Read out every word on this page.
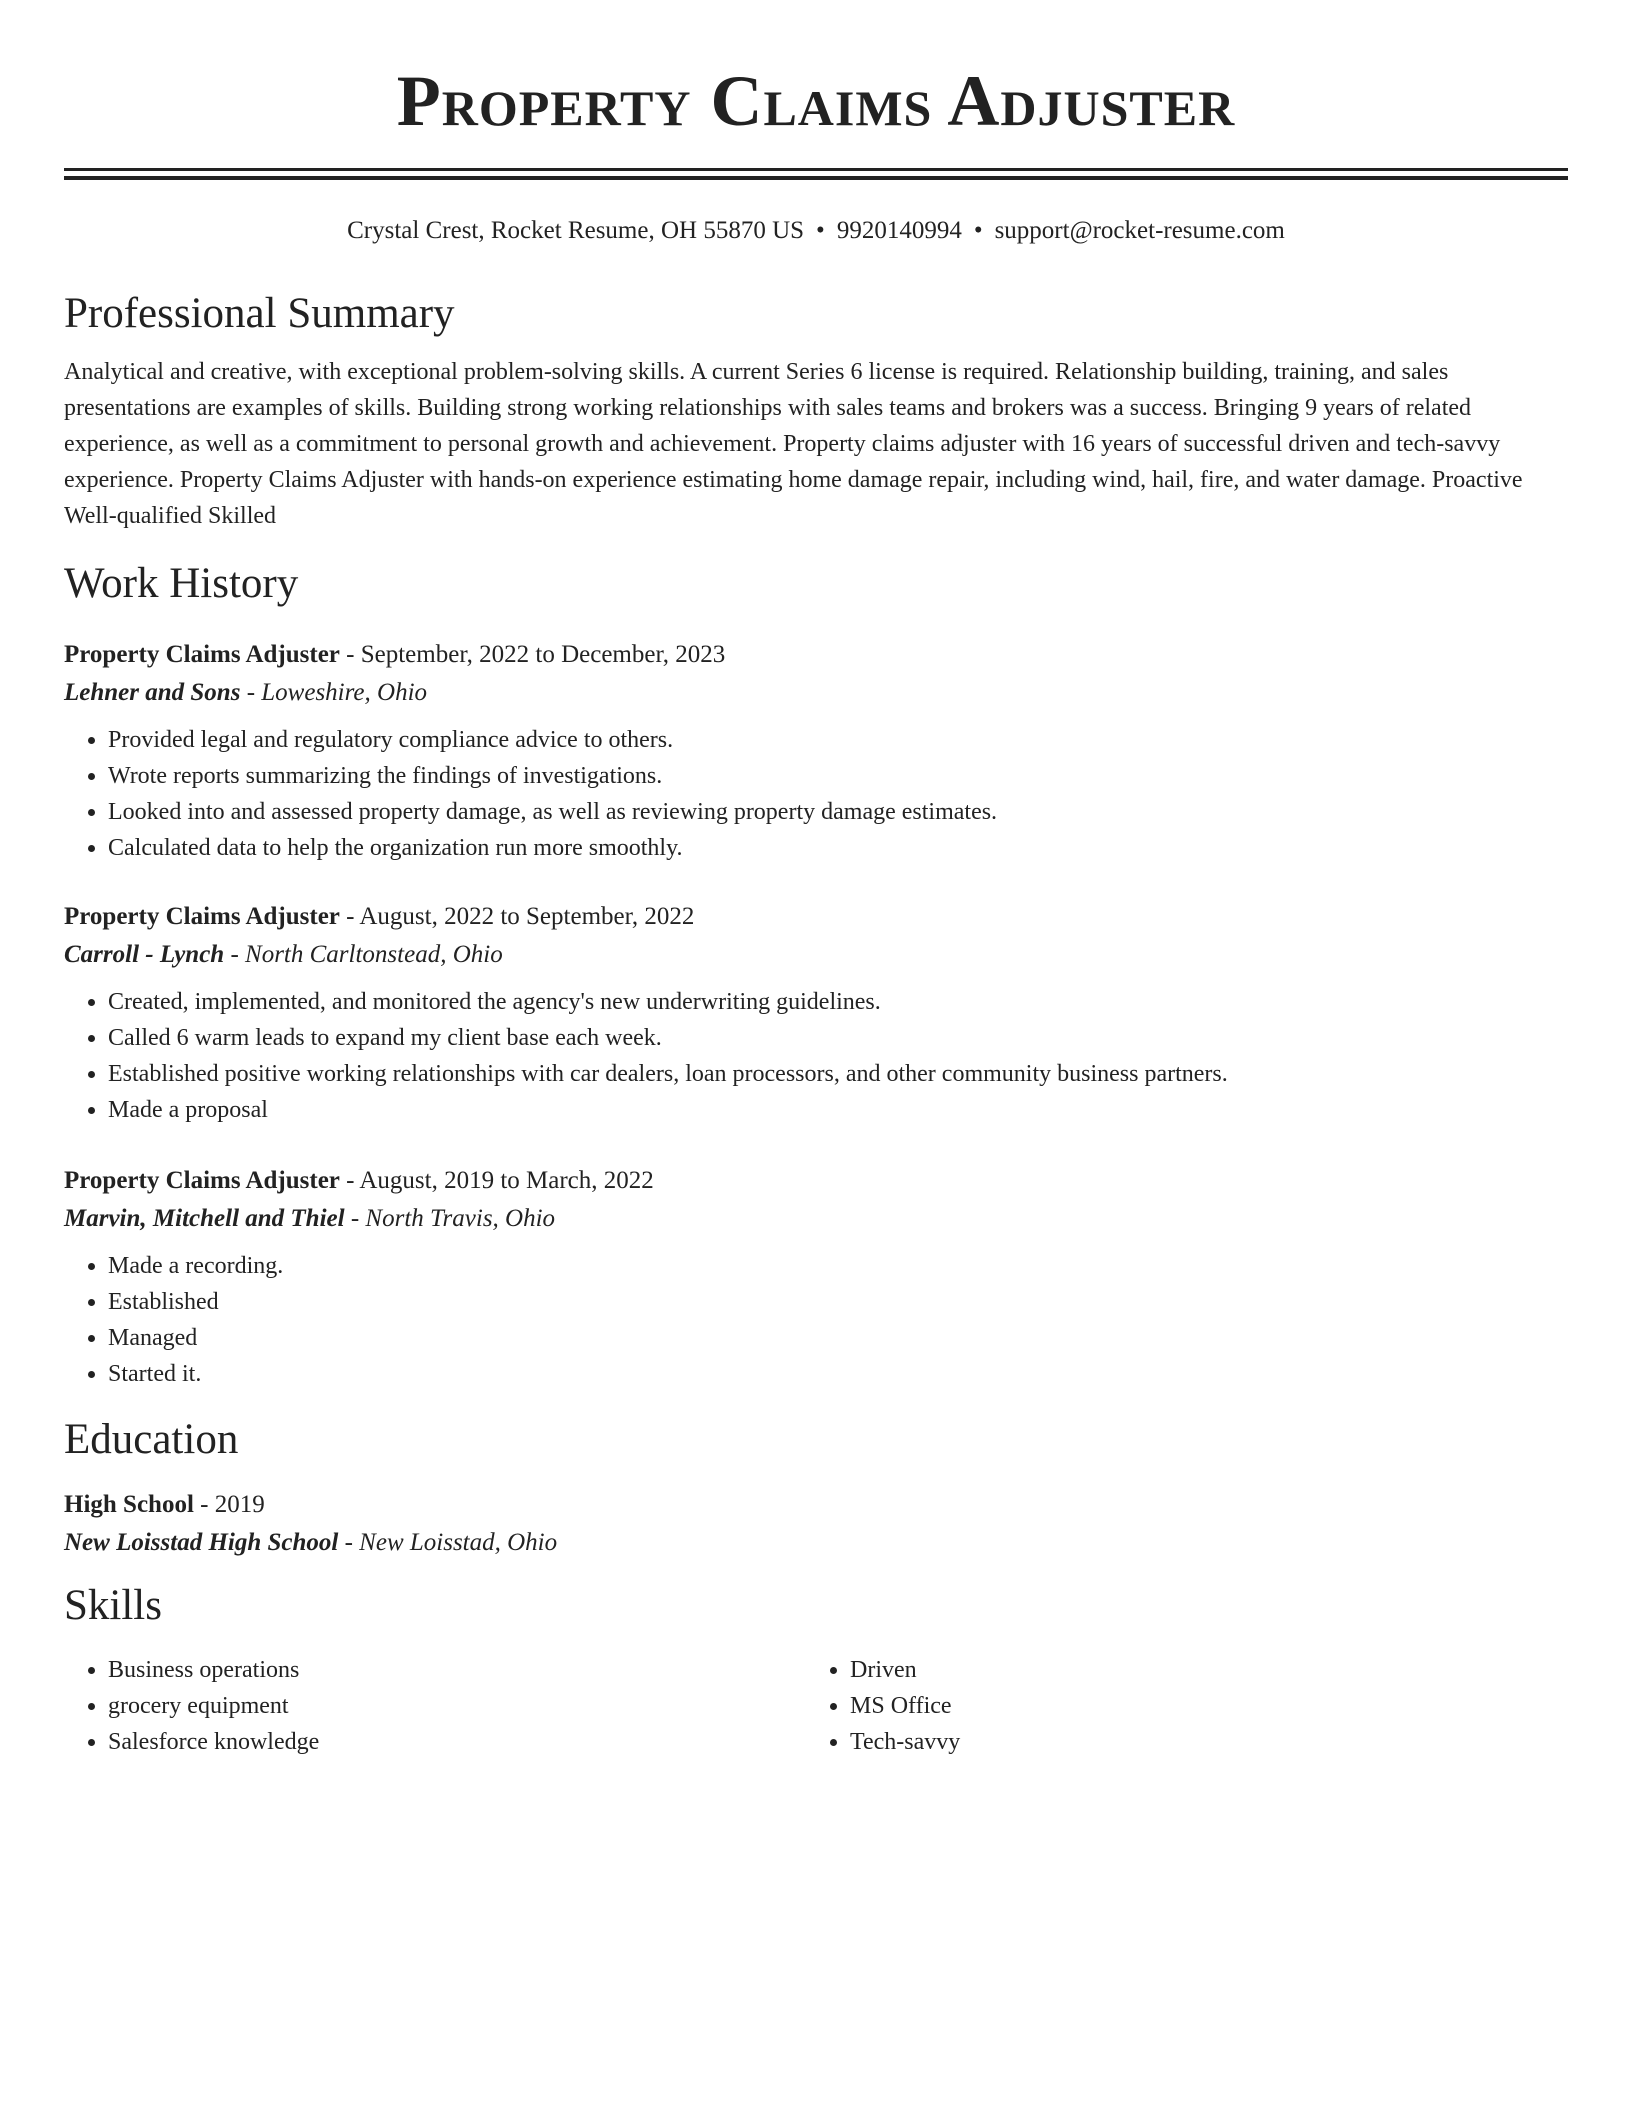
Property Claims Adjuster
Crystal Crest, Rocket Resume, OH 55870 US • 9920140994 • support@rocket-resume.com
Professional Summary
Analytical and creative, with exceptional problem-solving skills. A current Series 6 license is required. Relationship building, training, and sales presentations are examples of skills. Building strong working relationships with sales teams and brokers was a success. Bringing 9 years of related experience, as well as a commitment to personal growth and achievement. Property claims adjuster with 16 years of successful driven and tech-savvy experience. Property Claims Adjuster with hands-on experience estimating home damage repair, including wind, hail, fire, and water damage. Proactive Well-qualified Skilled
Work History
Property Claims Adjuster - September, 2022 to December, 2023
Lehner and Sons - Loweshire, Ohio
• Provided legal and regulatory compliance advice to others.
• Wrote reports summarizing the findings of investigations.
• Looked into and assessed property damage, as well as reviewing property damage estimates.
• Calculated data to help the organization run more smoothly.
Property Claims Adjuster - August, 2022 to September, 2022
Carroll - Lynch - North Carltonstead, Ohio
• Created, implemented, and monitored the agency's new underwriting guidelines.
• Called 6 warm leads to expand my client base each week.
• Established positive working relationships with car dealers, loan processors, and other community business partners.
• Made a proposal
Property Claims Adjuster - August, 2019 to March, 2022
Marvin, Mitchell and Thiel - North Travis, Ohio
• Made a recording.
• Established
• Managed
• Started it.
Education
High School - 2019
New Loisstad High School - New Loisstad, Ohio
Skills
• Business operations
• grocery equipment
• Salesforce knowledge
• Driven
• MS Office
• Tech-savvy
